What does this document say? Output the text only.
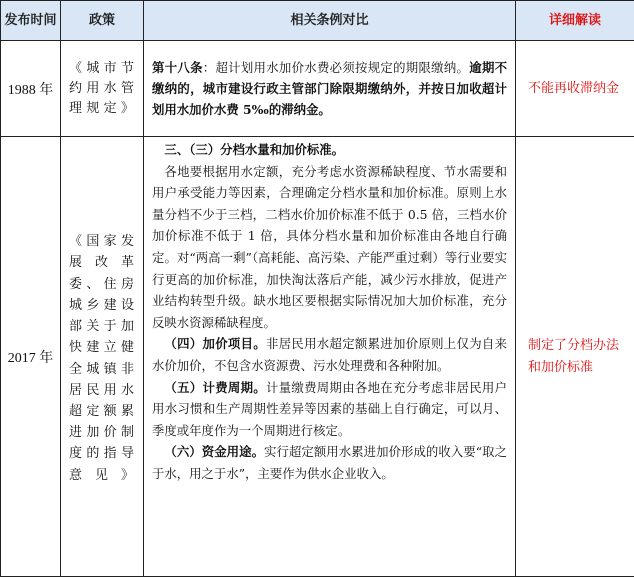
发布时间	政策	相关条例对比	详细解读
1988 年	《城市节约用水管理规定》	第十八条：超计划用水加价水费必须按规定的期限缴纳。逾期不缴纳的，城市建设行政主管部门除限期缴纳外，并按日加收超计划用水加价水费 5‰的滞纳金。	不能再收滞纳金
2017 年	《国家发展改革委、住房城乡建设部关于加快建立健全城镇非居民用水超定额累进加价制度的指导意见》	三、（三）分档水量和加价标准。

各地要根据用水定额，充分考虑水资源稀缺程度、节水需要和用户承受能力等因素，合理确定分档水量和加价标准。原则上水量分档不少于三档，二档水价加价标准不低于 0.5 倍，三档水价加价标准不低于 1 倍，具体分档水量和加价标准由各地自行确定。对“两高一剩”（高耗能、高污染、产能严重过剩）等行业要实行更高的加价标准，加快淘汰落后产能，减少污水排放，促进产业结构转型升级。缺水地区要根据实际情况加大加价标准，充分反映水资源稀缺程度。

（四）加价项目。非居民用水超定额累进加价原则上仅为自来水价加价，不包含水资源费、污水处理费和各种附加。

（五）计费周期。计量缴费周期由各地在充分考虑非居民用户用水习惯和生产周期性差异等因素的基础上自行确定，可以月、季度或年度作为一个周期进行核定。

（六）资金用途。实行超定额用水累进加价形成的收入要“取之于水，用之于水”，主要作为供水企业收入。	制定了分档办法和加价标准
